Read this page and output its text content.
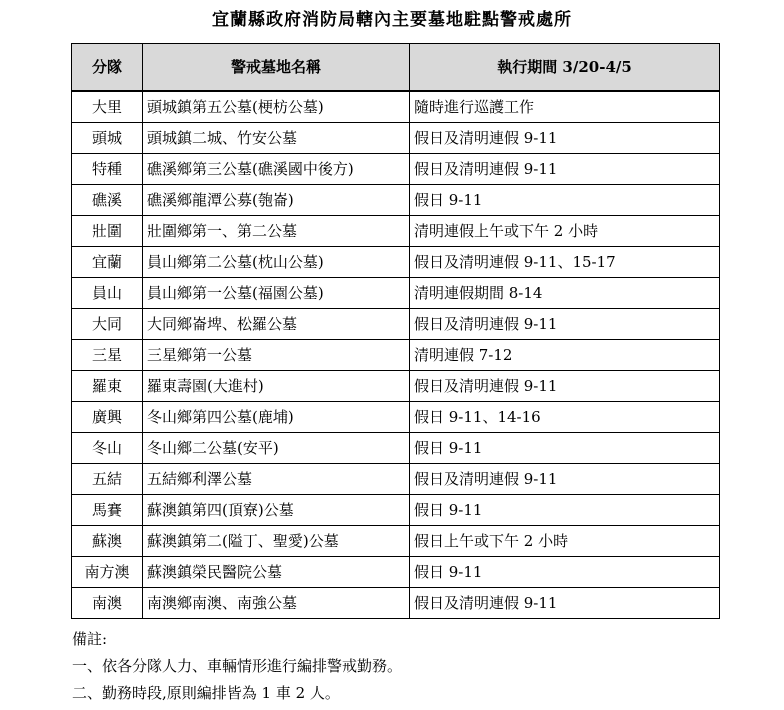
宜蘭縣政府消防局轄內主要墓地駐點警戒處所
分隊	警戒墓地名稱	執行期間 3/20-4/5
大里	頭城鎮第五公墓(梗枋公墓)	隨時進行巡護工作
頭城	頭城鎮二城、竹安公墓	假日及清明連假 9-11
特種	礁溪鄉第三公墓(礁溪國中後方)	假日及清明連假 9-11
礁溪	礁溪鄉龍潭公募(匏崙)	假日 9-11
壯圍	壯圍鄉第一、第二公墓	清明連假上午或下午 2 小時
宜蘭	員山鄉第二公墓(枕山公墓)	假日及清明連假 9-11、15-17
員山	員山鄉第一公墓(福園公墓)	清明連假期間 8-14
大同	大同鄉崙埤、松羅公墓	假日及清明連假 9-11
三星	三星鄉第一公墓	清明連假 7-12
羅東	羅東壽園(大進村)	假日及清明連假 9-11
廣興	冬山鄉第四公墓(鹿埔)	假日 9-11、14-16
冬山	冬山鄉二公墓(安平)	假日 9-11
五結	五結鄉利澤公墓	假日及清明連假 9-11
馬賽	蘇澳鎮第四(頂寮)公墓	假日 9-11
蘇澳	蘇澳鎮第二(隘丁、聖愛)公墓	假日上午或下午 2 小時
南方澳	蘇澳鎮榮民醫院公墓	假日 9-11
南澳	南澳鄉南澳、南強公墓	假日及清明連假 9-11
備註:
一、依各分隊人力、車輛情形進行編排警戒勤務。
二、勤務時段,原則編排皆為 1 車 2 人。
